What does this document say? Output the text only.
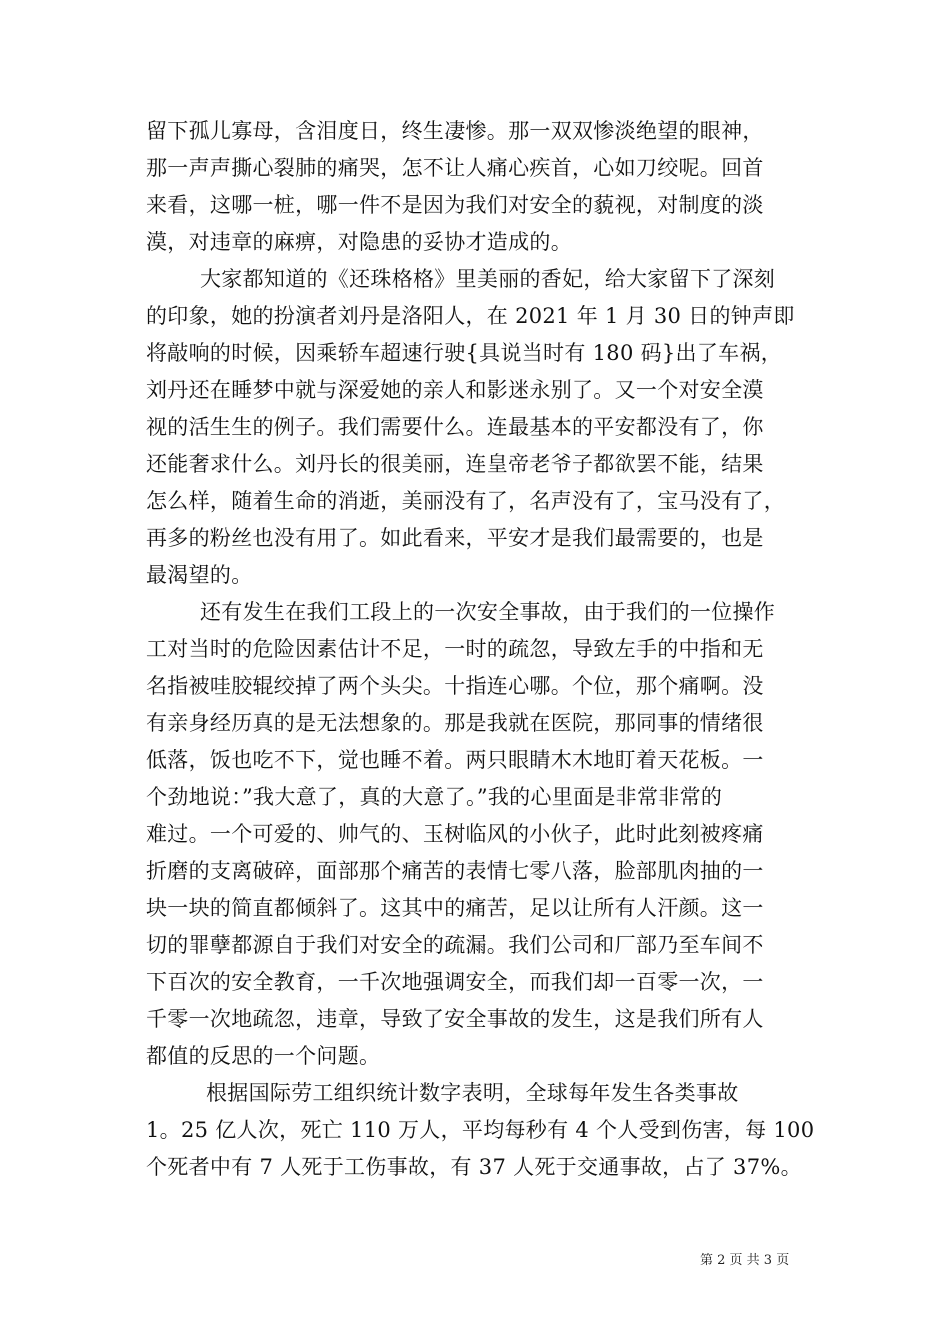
留下孤儿寡母，含泪度日，终生凄惨。那一双双惨淡绝望的眼神，
那一声声撕心裂肺的痛哭，怎不让人痛心疾首，心如刀绞呢。回首
来看，这哪一桩，哪一件不是因为我们对安全的藐视，对制度的淡
漠，对违章的麻痹，对隐患的妥协才造成的。
大家都知道的《还珠格格》里美丽的香妃，给大家留下了深刻
的印象，她的扮演者刘丹是洛阳人，在 2021 年 1 月 30 日的钟声即
将敲响的时候，因乘轿车超速行驶{具说当时有 180 码}出了车祸，
刘丹还在睡梦中就与深爱她的亲人和影迷永别了。又一个对安全漠
视的活生生的例子。我们需要什么。连最基本的平安都没有了，你
还能奢求什么。刘丹长的很美丽，连皇帝老爷子都欲罢不能，结果
怎么样，随着生命的消逝，美丽没有了，名声没有了，宝马没有了，
再多的粉丝也没有用了。如此看来，平安才是我们最需要的，也是
最渴望的。
还有发生在我们工段上的一次安全事故，由于我们的一位操作
工对当时的危险因素估计不足，一时的疏忽，导致左手的中指和无
名指被哇胶辊绞掉了两个头尖。十指连心哪。个位，那个痛啊。没
有亲身经历真的是无法想象的。那是我就在医院，那同事的情绪很
低落，饭也吃不下，觉也睡不着。两只眼睛木木地盯着天花板。一
个劲地说：”我大意了，真的大意了。”我的心里面是非常非常的
难过。一个可爱的、帅气的、玉树临风的小伙子，此时此刻被疼痛
折磨的支离破碎，面部那个痛苦的表情七零八落，脸部肌肉抽的一
块一块的简直都倾斜了。这其中的痛苦，足以让所有人汗颜。这一
切的罪孽都源自于我们对安全的疏漏。我们公司和厂部乃至车间不
下百次的安全教育，一千次地强调安全，而我们却一百零一次，一
千零一次地疏忽，违章，导致了安全事故的发生，这是我们所有人
都值的反思的一个问题。
根据国际劳工组织统计数字表明，全球每年发生各类事故
1。25 亿人次，死亡 110 万人，平均每秒有 4 个人受到伤害，每 100
个死者中有 7 人死于工伤事故，有 37 人死于交通事故，占了 37%。
第 2 页 共 3 页
